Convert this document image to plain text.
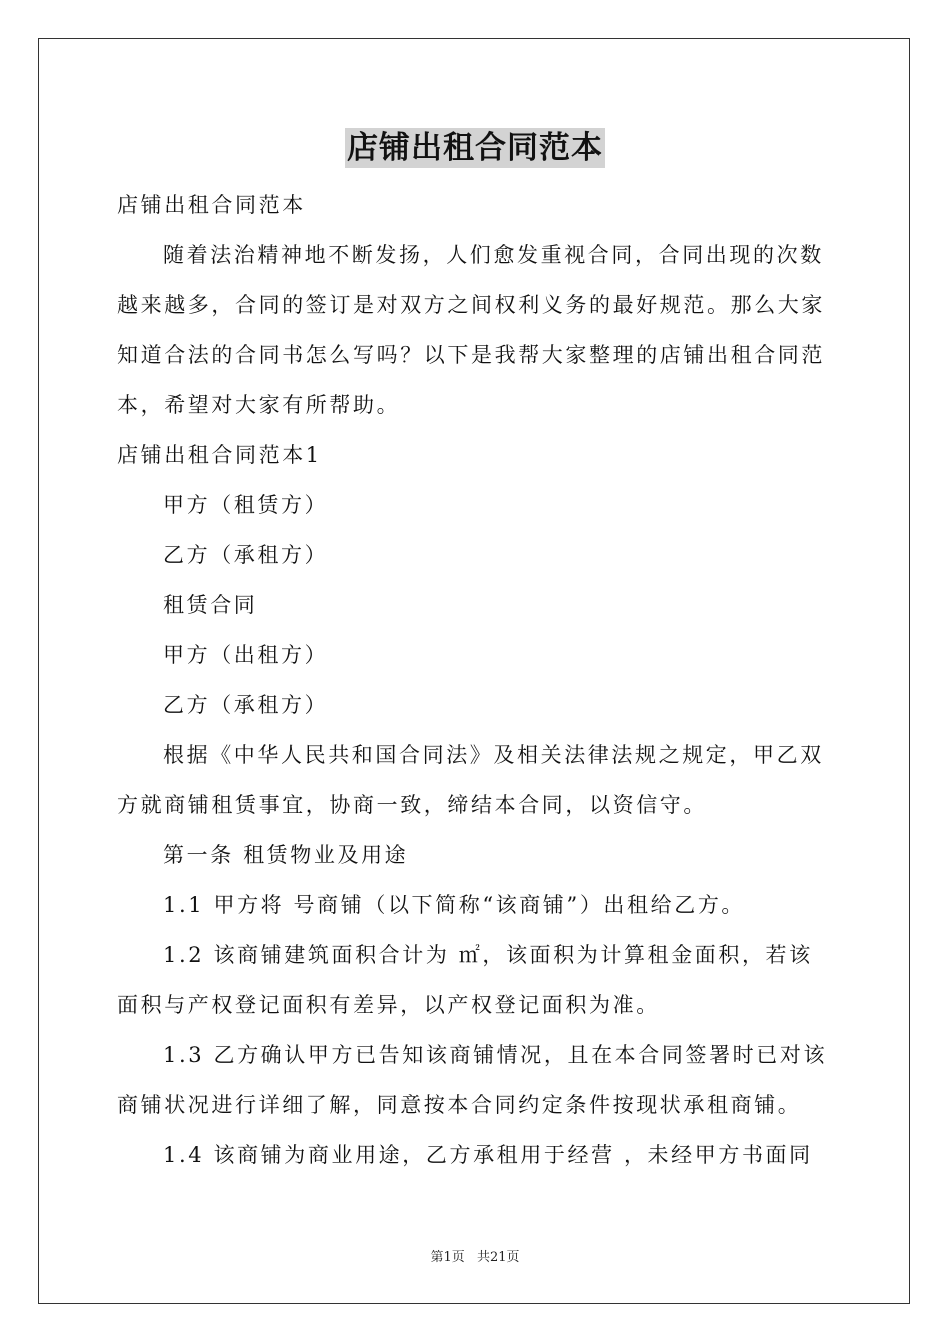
店铺出租合同范本

店铺出租合同范本

随着法治精神地不断发扬，人们愈发重视合同，合同出现的次数越来越多，合同的签订是对双方之间权利义务的最好规范。那么大家知道合法的合同书怎么写吗？以下是我帮大家整理的店铺出租合同范本，希望对大家有所帮助。

店铺出租合同范本1

甲方（租赁方）

乙方（承租方）

租赁合同

甲方（出租方）

乙方（承租方）

根据《中华人民共和国合同法》及相关法律法规之规定，甲乙双方就商铺租赁事宜，协商一致，缔结本合同，以资信守。

第一条 租赁物业及用途

1.1 甲方将 号商铺（以下简称“该商铺”）出租给乙方。

1.2 该商铺建筑面积合计为 ㎡，该面积为计算租金面积，若该面积与产权登记面积有差异，以产权登记面积为准。

1.3 乙方确认甲方已告知该商铺情况，且在本合同签署时已对该商铺状况进行详细了解，同意按本合同约定条件按现状承租商铺。

1.4 该商铺为商业用途，乙方承租用于经营 ，未经甲方书面同

第1页 共21页
